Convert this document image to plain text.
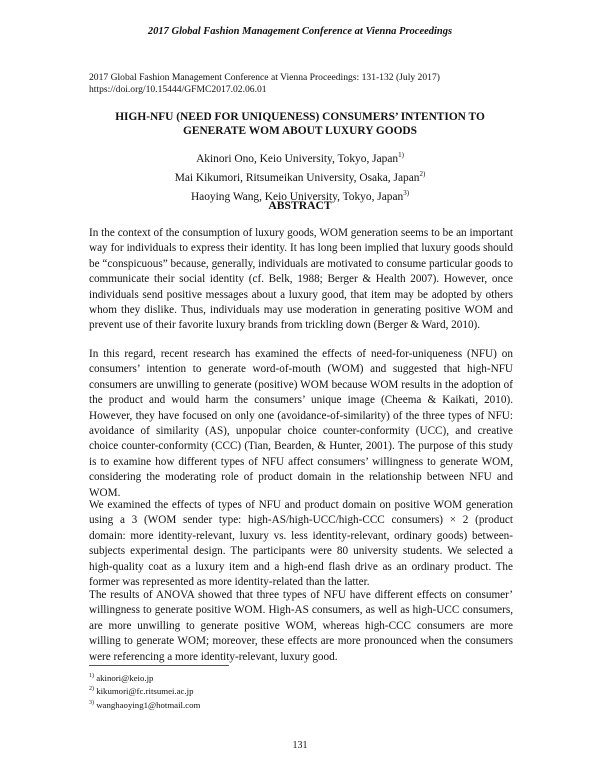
2017 Global Fashion Management Conference at Vienna Proceedings
2017 Global Fashion Management Conference at Vienna Proceedings: 131-132 (July 2017)
https://doi.org/10.15444/GFMC2017.02.06.01
HIGH-NFU (NEED FOR UNIQUENESS) CONSUMERS’ INTENTION TO
GENERATE WOM ABOUT LUXURY GOODS
Akinori Ono, Keio University, Tokyo, Japan$^{1)}$
Mai Kikumori, Ritsumeikan University, Osaka, Japan$^{2)}$
Haoying Wang, Keio University, Tokyo, Japan$^{3)}$
ABSTRACT

In the context of the consumption of luxury goods, WOM generation seems to be an important way for individuals to express their identity. It has long been implied that luxury goods should be “conspicuous” because, generally, individuals are motivated to consume particular goods to communicate their social identity (cf. Belk, 1988; Berger & Health 2007). However, once individuals send positive messages about a luxury good, that item may be adopted by others whom they dislike. Thus, individuals may use moderation in generating positive WOM and prevent use of their favorite luxury brands from trickling down (Berger & Ward, 2010).

In this regard, recent research has examined the effects of need-for-uniqueness (NFU) on consumers’ intention to generate word-of-mouth (WOM) and suggested that high-NFU consumers are unwilling to generate (positive) WOM because WOM results in the adoption of the product and would harm the consumers’ unique image (Cheema & Kaikati, 2010). However, they have focused on only one (avoidance-of-similarity) of the three types of NFU: avoidance of similarity (AS), unpopular choice counter-conformity (UCC), and creative choice counter-conformity (CCC) (Tian, Bearden, & Hunter, 2001). The purpose of this study is to examine how different types of NFU affect consumers’ willingness to generate WOM, considering the moderating role of product domain in the relationship between NFU and WOM.

We examined the effects of types of NFU and product domain on positive WOM generation using a 3 (WOM sender type: high-AS/high-UCC/high-CCC consumers) × 2 (product domain: more identity-relevant, luxury vs. less identity-relevant, ordinary goods) between-subjects experimental design. The participants were 80 university students. We selected a high-quality coat as a luxury item and a high-end flash drive as an ordinary product. The former was represented as more identity-related than the latter.

The results of ANOVA showed that three types of NFU have different effects on consumer’ willingness to generate positive WOM. High-AS consumers, as well as high-UCC consumers, are more unwilling to generate positive WOM, whereas high-CCC consumers are more willing to generate WOM; moreover, these effects are more pronounced when the consumers were referencing a more identity-relevant, luxury good.

$^{1)}$ akinori@keio.jp
$^{2)}$ kikumori@fc.ritsumei.ac.jp
$^{3)}$ wanghaoying1@hotmail.com
131
